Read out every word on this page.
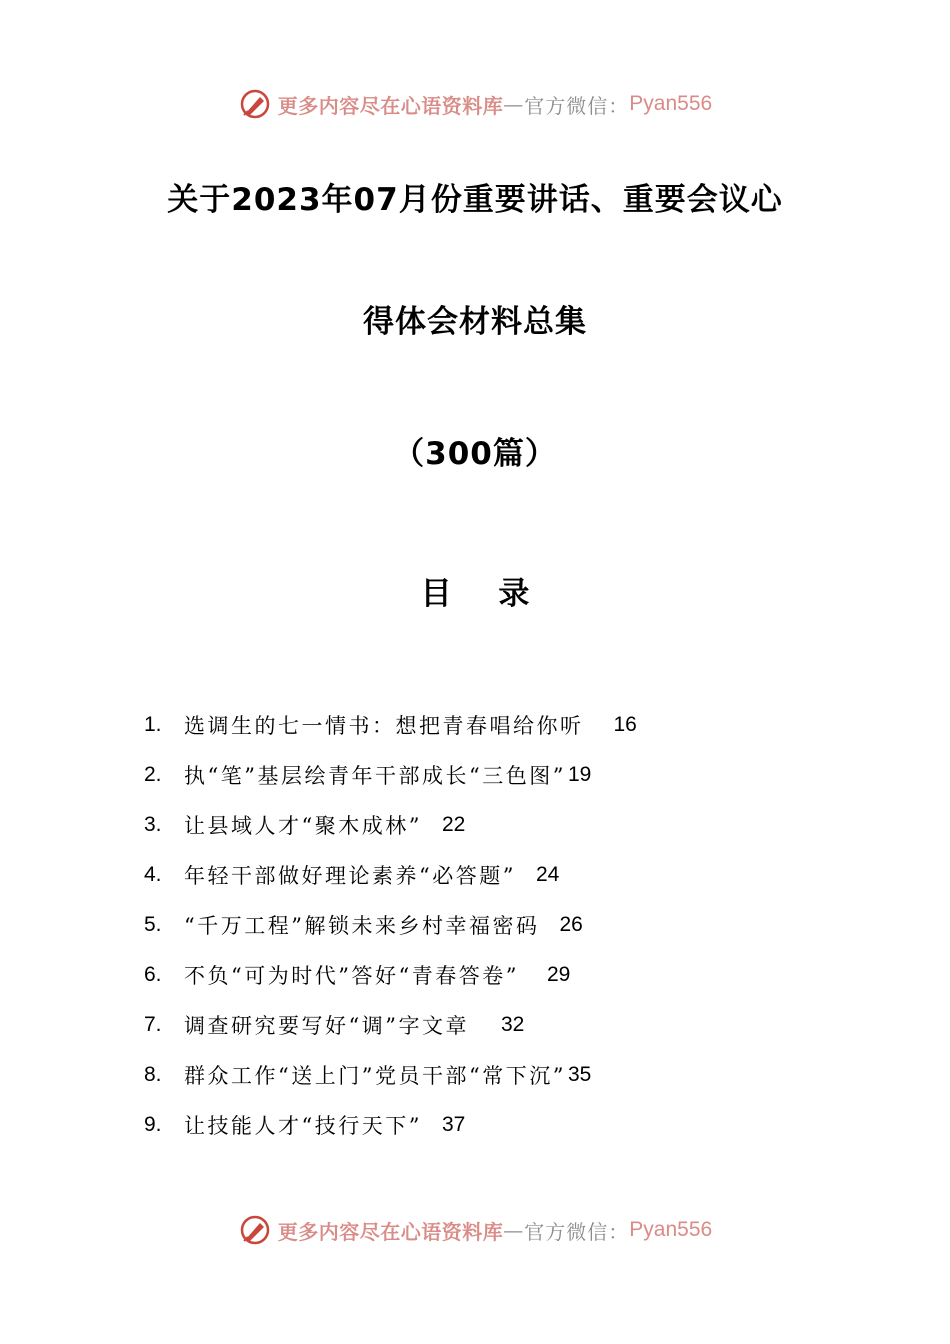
更多内容尽在心语资料库 — 官方微信： Pyan556
关于2023年07月份重要讲话、重要会议心
得体会材料总集
（300篇）
目 录
1.	选调生的七一情书：想把青春唱给你听 16
2.	执“笔”基层绘青年干部成长“三色图” 19
3.	让县域人才“聚木成林” 22
4.	年轻干部做好理论素养“必答题” 24
5.	“千万工程”解锁未来乡村幸福密码 26
6.	不负“可为时代”答好“青春答卷” 29
7.	调查研究要写好“调”字文章 32
8.	群众工作“送上门”党员干部“常下沉” 35
9.	让技能人才“技行天下” 37
更多内容尽在心语资料库 — 官方微信： Pyan556
